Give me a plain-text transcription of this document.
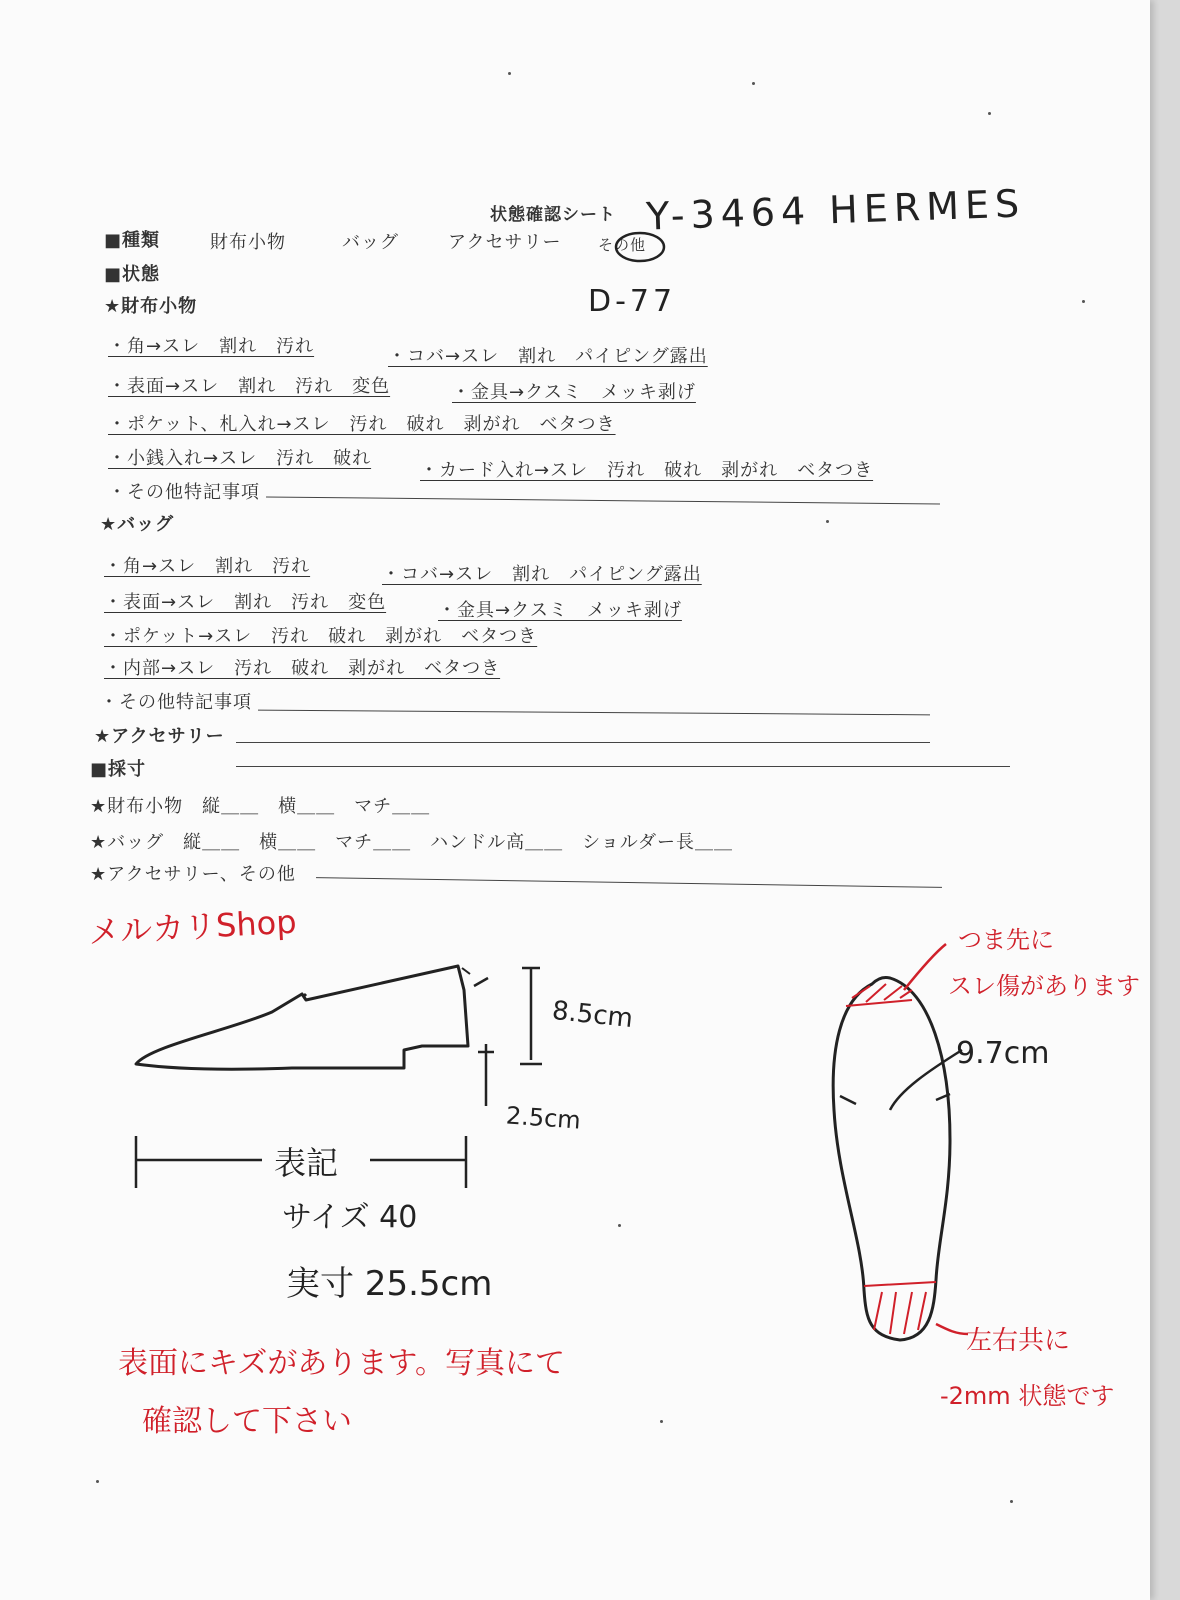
状態確認シート
■種類	財布小物	バッグ	アクセサリー その他
■状態
★財布小物
・角→スレ　割れ　汚れ	・コバ→スレ　割れ　パイピング露出
・表面→スレ　割れ　汚れ　変色	・金具→クスミ　メッキ剥げ
・ポケット、札入れ→スレ　汚れ　破れ　剥がれ　ベタつき
・小銭入れ→スレ　汚れ　破れ
・カード入れ→スレ　汚れ　破れ　剥がれ　ベタつき
・その他特記事項
★バッグ
・角→スレ　割れ　汚れ	・コバ→スレ　割れ　パイピング露出
・表面→スレ　割れ　汚れ　変色	・金具→クスミ　メッキ剥げ
・ポケット→スレ　汚れ　破れ　剥がれ　ベタつき
・内部→スレ　汚れ　破れ　剥がれ　ベタつき
・その他特記事項
★アクセサリー
■採寸
★財布小物　縦＿＿　横＿＿　マチ＿＿
★バッグ　縦＿＿　横＿＿　マチ＿＿　ハンドル高＿＿　ショルダー長＿＿
★アクセサリー、その他
Y-3464 HERMES
D-77
8.5cm
2.5cm
表記
サイズ 40
実寸 25.5cm
9.7cm
メルカリShop	つま先に
スレ傷があります
左右共に
-2mm 状態です
表面にキズがあります。写真にて
確認して下さい
